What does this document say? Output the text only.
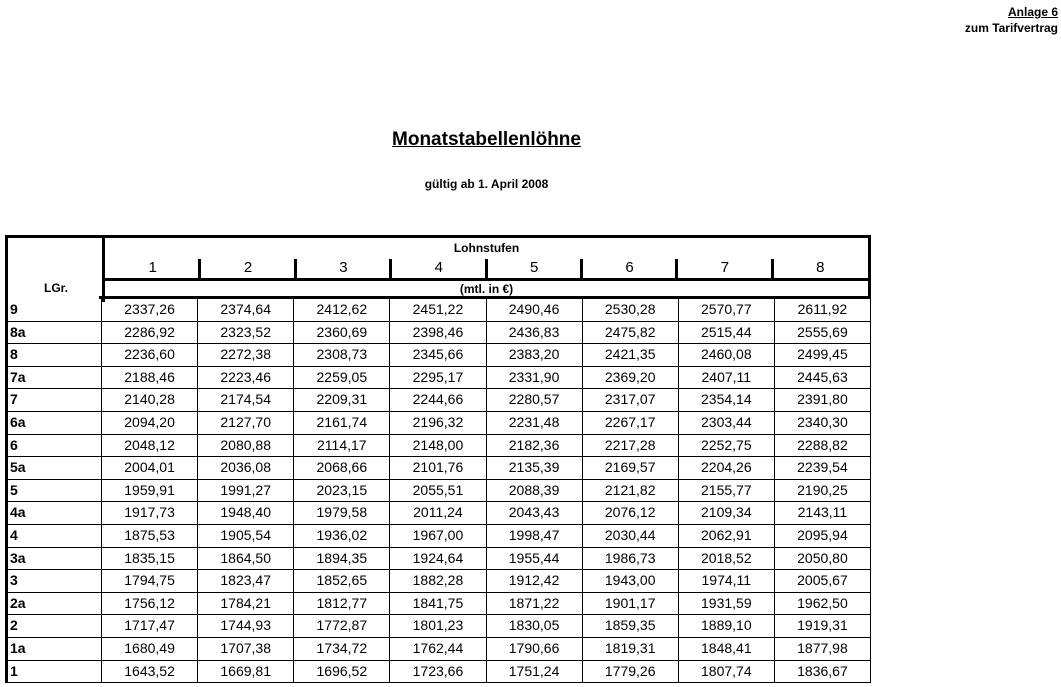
Anlage 6
zum Tarifvertrag
Monatstabellenlöhne
gültig ab 1. April 2008
LGr.
Lohnstufen
1	2	3	4	5	6	7	8
(mtl. in €)
9	2337,26	2374,64	2412,62	2451,22	2490,46	2530,28	2570,77	2611,92
8a	2286,92	2323,52	2360,69	2398,46	2436,83	2475,82	2515,44	2555,69
8	2236,60	2272,38	2308,73	2345,66	2383,20	2421,35	2460,08	2499,45
7a	2188,46	2223,46	2259,05	2295,17	2331,90	2369,20	2407,11	2445,63
7	2140,28	2174,54	2209,31	2244,66	2280,57	2317,07	2354,14	2391,80
6a	2094,20	2127,70	2161,74	2196,32	2231,48	2267,17	2303,44	2340,30
6	2048,12	2080,88	2114,17	2148,00	2182,36	2217,28	2252,75	2288,82
5a	2004,01	2036,08	2068,66	2101,76	2135,39	2169,57	2204,26	2239,54
5	1959,91	1991,27	2023,15	2055,51	2088,39	2121,82	2155,77	2190,25
4a	1917,73	1948,40	1979,58	2011,24	2043,43	2076,12	2109,34	2143,11
4	1875,53	1905,54	1936,02	1967,00	1998,47	2030,44	2062,91	2095,94
3a	1835,15	1864,50	1894,35	1924,64	1955,44	1986,73	2018,52	2050,80
3	1794,75	1823,47	1852,65	1882,28	1912,42	1943,00	1974,11	2005,67
2a	1756,12	1784,21	1812,77	1841,75	1871,22	1901,17	1931,59	1962,50
2	1717,47	1744,93	1772,87	1801,23	1830,05	1859,35	1889,10	1919,31
1a	1680,49	1707,38	1734,72	1762,44	1790,66	1819,31	1848,41	1877,98
1	1643,52	1669,81	1696,52	1723,66	1751,24	1779,26	1807,74	1836,67
